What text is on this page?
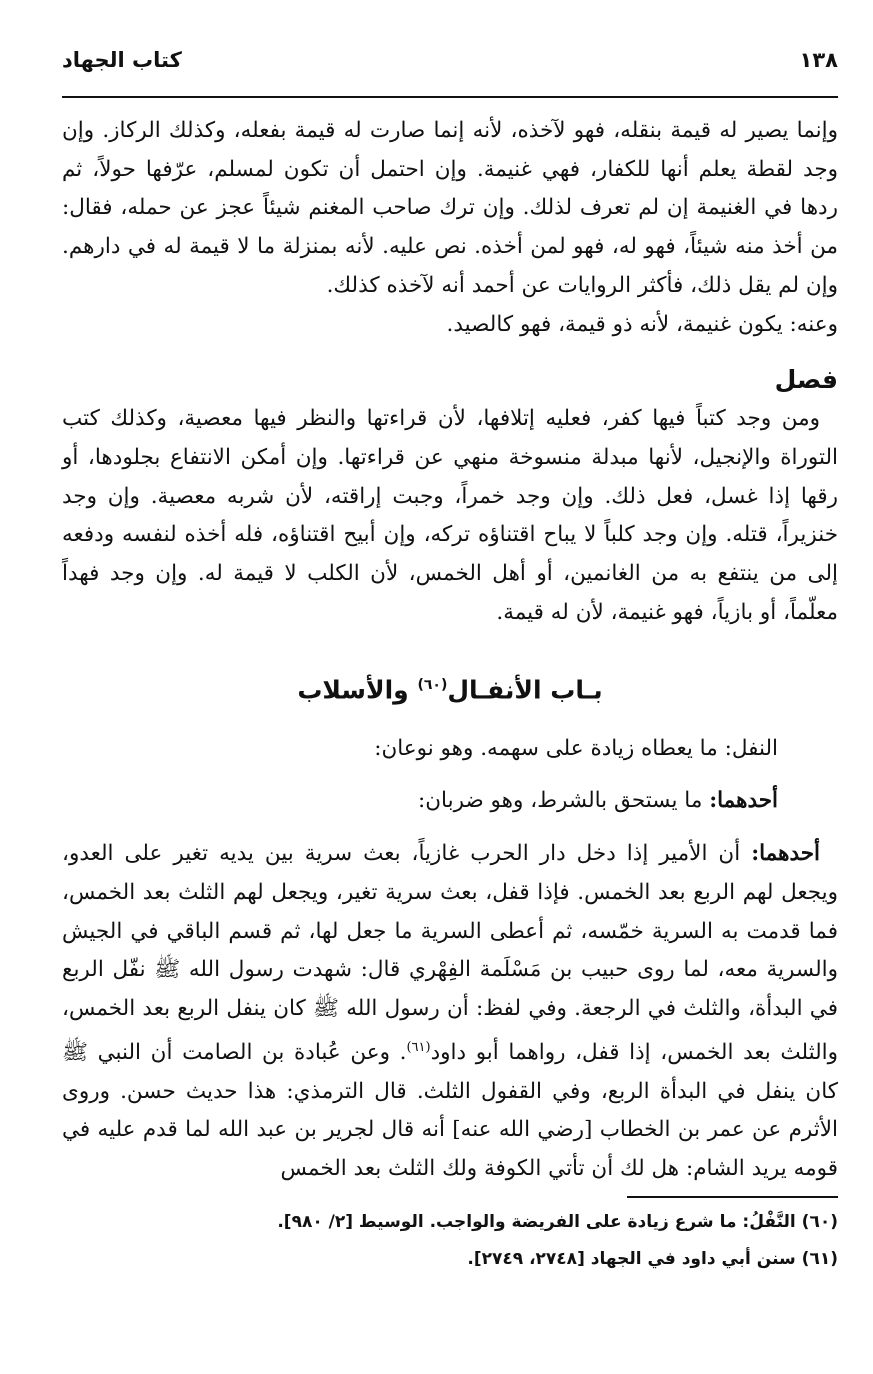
١٣٨
كتاب الجهاد

وإنما يصير له قيمة بنقله، فهو لآخذه، لأنه إنما صارت له قيمة بفعله، وكذلك الركاز. وإن وجد لقطة يعلم أنها للكفار، فهي غنيمة. وإن احتمل أن تكون لمسلم، عرّفها حولاً، ثم ردها في الغنيمة إن لم تعرف لذلك. وإن ترك صاحب المغنم شيئاً عجز عن حمله، فقال: من أخذ منه شيئاً، فهو له، فهو لمن أخذه. نص عليه. لأنه بمنزلة ما لا قيمة له في دارهم. وإن لم يقل ذلك، فأكثر الروايات عن أحمد أنه لآخذه كذلك.

وعنه: يكون غنيمة، لأنه ذو قيمة، فهو كالصيد.

فصل

ومن وجد كتباً فيها كفر، فعليه إتلافها، لأن قراءتها والنظر فيها معصية، وكذلك كتب التوراة والإنجيل، لأنها مبدلة منسوخة منهي عن قراءتها. وإن أمكن الانتفاع بجلودها، أو رقها إذا غسل، فعل ذلك. وإن وجد خمراً، وجبت إراقته، لأن شربه معصية. وإن وجد خنزيراً، قتله. وإن وجد كلباً لا يباح اقتناؤه تركه، وإن أبيح اقتناؤه، فله أخذه لنفسه ودفعه إلى من ينتفع به من الغانمين، أو أهل الخمس، لأن الكلب لا قيمة له. وإن وجد فهداً معلّماً، أو بازياً، فهو غنيمة، لأن له قيمة.

بـاب الأنفـال$^{(٦٠)}$ والأسلاب

النفل: ما يعطاه زيادة على سهمه. وهو نوعان:

أحدهما: ما يستحق بالشرط، وهو ضربان:

أحدهما: أن الأمير إذا دخل دار الحرب غازياً، بعث سرية بين يديه تغير على العدو، ويجعل لهم الربع بعد الخمس. فإذا قفل، بعث سرية تغير، ويجعل لهم الثلث بعد الخمس، فما قدمت به السرية خمّسه، ثم أعطى السرية ما جعل لها، ثم قسم الباقي في الجيش والسرية معه، لما روى حبيب بن مَسْلَمة الفِهْري قال: شهدت رسول الله ﷺ نفّل الربع في البدأة، والثلث في الرجعة. وفي لفظ: أن رسول الله ﷺ كان ينفل الربع بعد الخمس، والثلث بعد الخمس، إذا قفل، رواهما أبو داود$^{(٦١)}$. وعن عُبادة بن الصامت أن النبي ﷺ كان ينفل في البدأة الربع، وفي القفول الثلث. قال الترمذي: هذا حديث حسن. وروى الأثرم عن عمر بن الخطاب [رضي الله عنه] أنه قال لجرير بن عبد الله لما قدم عليه في قومه يريد الشام: هل لك أن تأتي الكوفة ولك الثلث بعد الخمس

(٦٠) النَّفْلُ: ما شرع زيادة على الفريضة والواجب. الوسيط [٢/ ٩٨٠].

(٦١) سنن أبي داود في الجهاد [٢٧٤٨، ٢٧٤٩].
